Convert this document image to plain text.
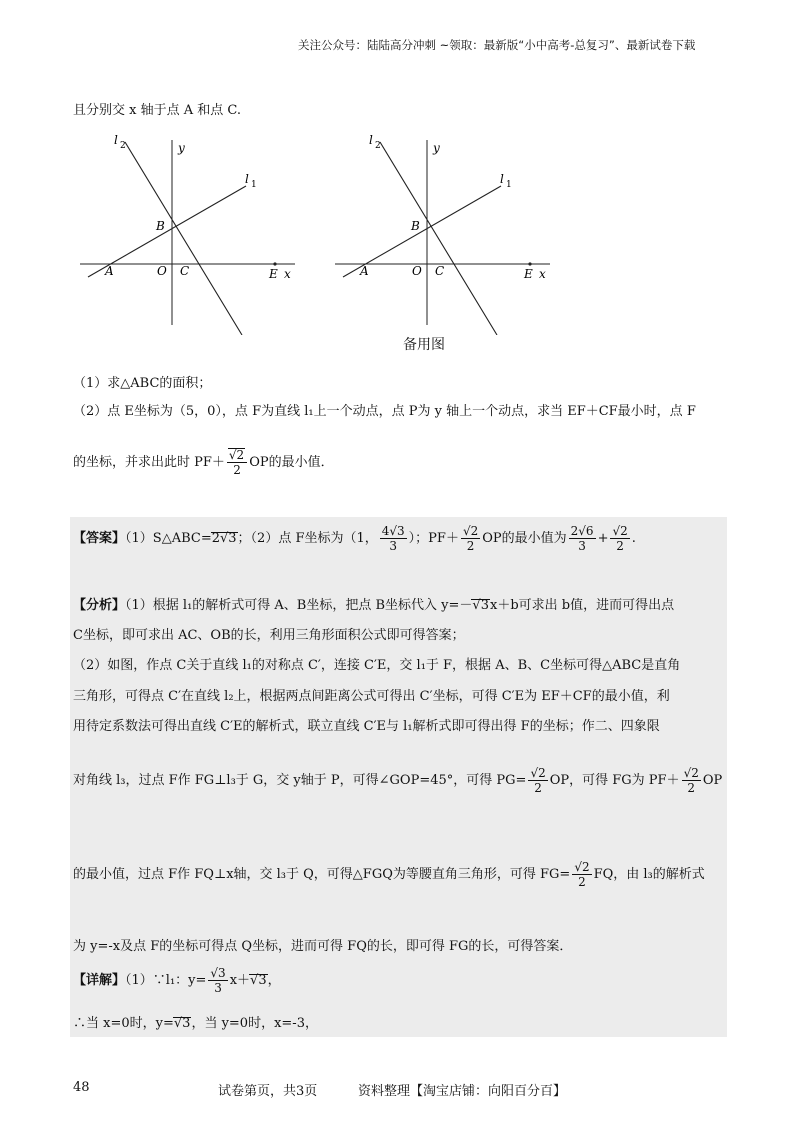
关注公众号：陆陆高分冲刺 ~领取：最新版“小中高考-总复习”、最新试卷下载
且分别交 x 轴于点 A 和点 C.
l 2	y
l 1
B
A	O C	E x
l 2	y
l 1
B
A	O C	E x
备用图
（1）求△ABC的面积；
（2）点 E坐标为（5，0），点 F为直线 l₁上一个动点，点 P为 y 轴上一个动点，求当 EF＋CF最小时，点 F
的坐标，并求出此时 $PF+ \frac{√2}{2}$ OP的最小值．
【答案】（1）S△ABC=2√3；（2）点 F坐标为（1， $\frac{4√3}{3}$ ）；$PF+ \frac{√2}{2}$ OP的最小值为 $\frac{2√6}{3} + \frac{√2}{2}$ .
【分析】（1）根据 l₁的解析式可得 A、B坐标，把点 B坐标代入 y=－√3x＋b可求出 b值，进而可得出点
C坐标，即可求出 AC、OB的长，利用三角形面积公式即可得答案；
（2）如图，作点 C关于直线 l₁的对称点 C′，连接 C′E，交 l₁于 F，根据 A、B、C坐标可得△ABC是直角
三角形，可得点 C′在直线 l₂上，根据两点间距离公式可得出 C′坐标，可得 C′E为 EF＋CF的最小值，利
用待定系数法可得出直线 C′E的解析式，联立直线 C′E与 l₁解析式即可得出得 F的坐标；作二、四象限
对角线 l₃，过点 F作 FG⊥l₃于 G，交 y轴于 P，可得∠GOP=45°，可得 $PG= \frac{√2}{2}$ OP，可得 FG为 $PF+ \frac{√2}{2}$ OP
的最小值，过点 F作 FQ⊥x轴，交 l₃于 Q，可得△FGQ为等腰直角三角形，可得 $FG= \frac{√2}{2}$ FQ，由 l₃的解析式
为 y=-x及点 F的坐标可得点 Q坐标，进而可得 FQ的长，即可得 FG的长，可得答案．
【详解】（1）∵l₁：$y= \frac{√3}{3} x+√3$，
∴当 x=0时，y=√3，当 y=0时，x=-3，
48	试卷第页，共3页	资料整理【淘宝店铺：向阳百分百】
